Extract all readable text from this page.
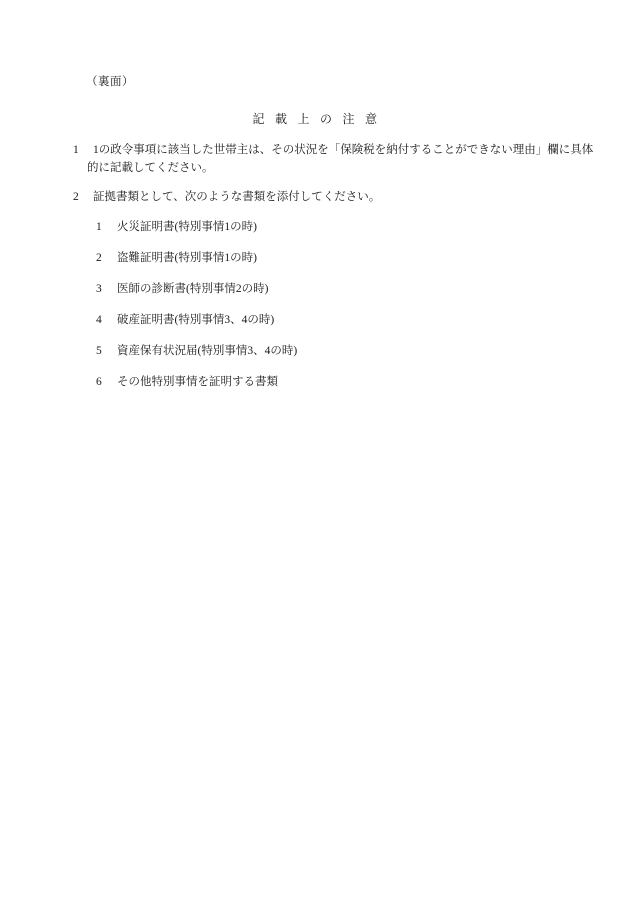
（裏面）
記 載 上 の 注 意
1 1の政令事項に該当した世帯主は、その状況を「保険税を納付することができない理由」欄に具体
的に記載してください。
2 証拠書類として、次のような書類を添付してください。
1 火災証明書(特別事情1の時)
2 盗難証明書(特別事情1の時)
3 医師の診断書(特別事情2の時)
4 破産証明書(特別事情3、4の時)
5 資産保有状況届(特別事情3、4の時)
6 その他特別事情を証明する書類
